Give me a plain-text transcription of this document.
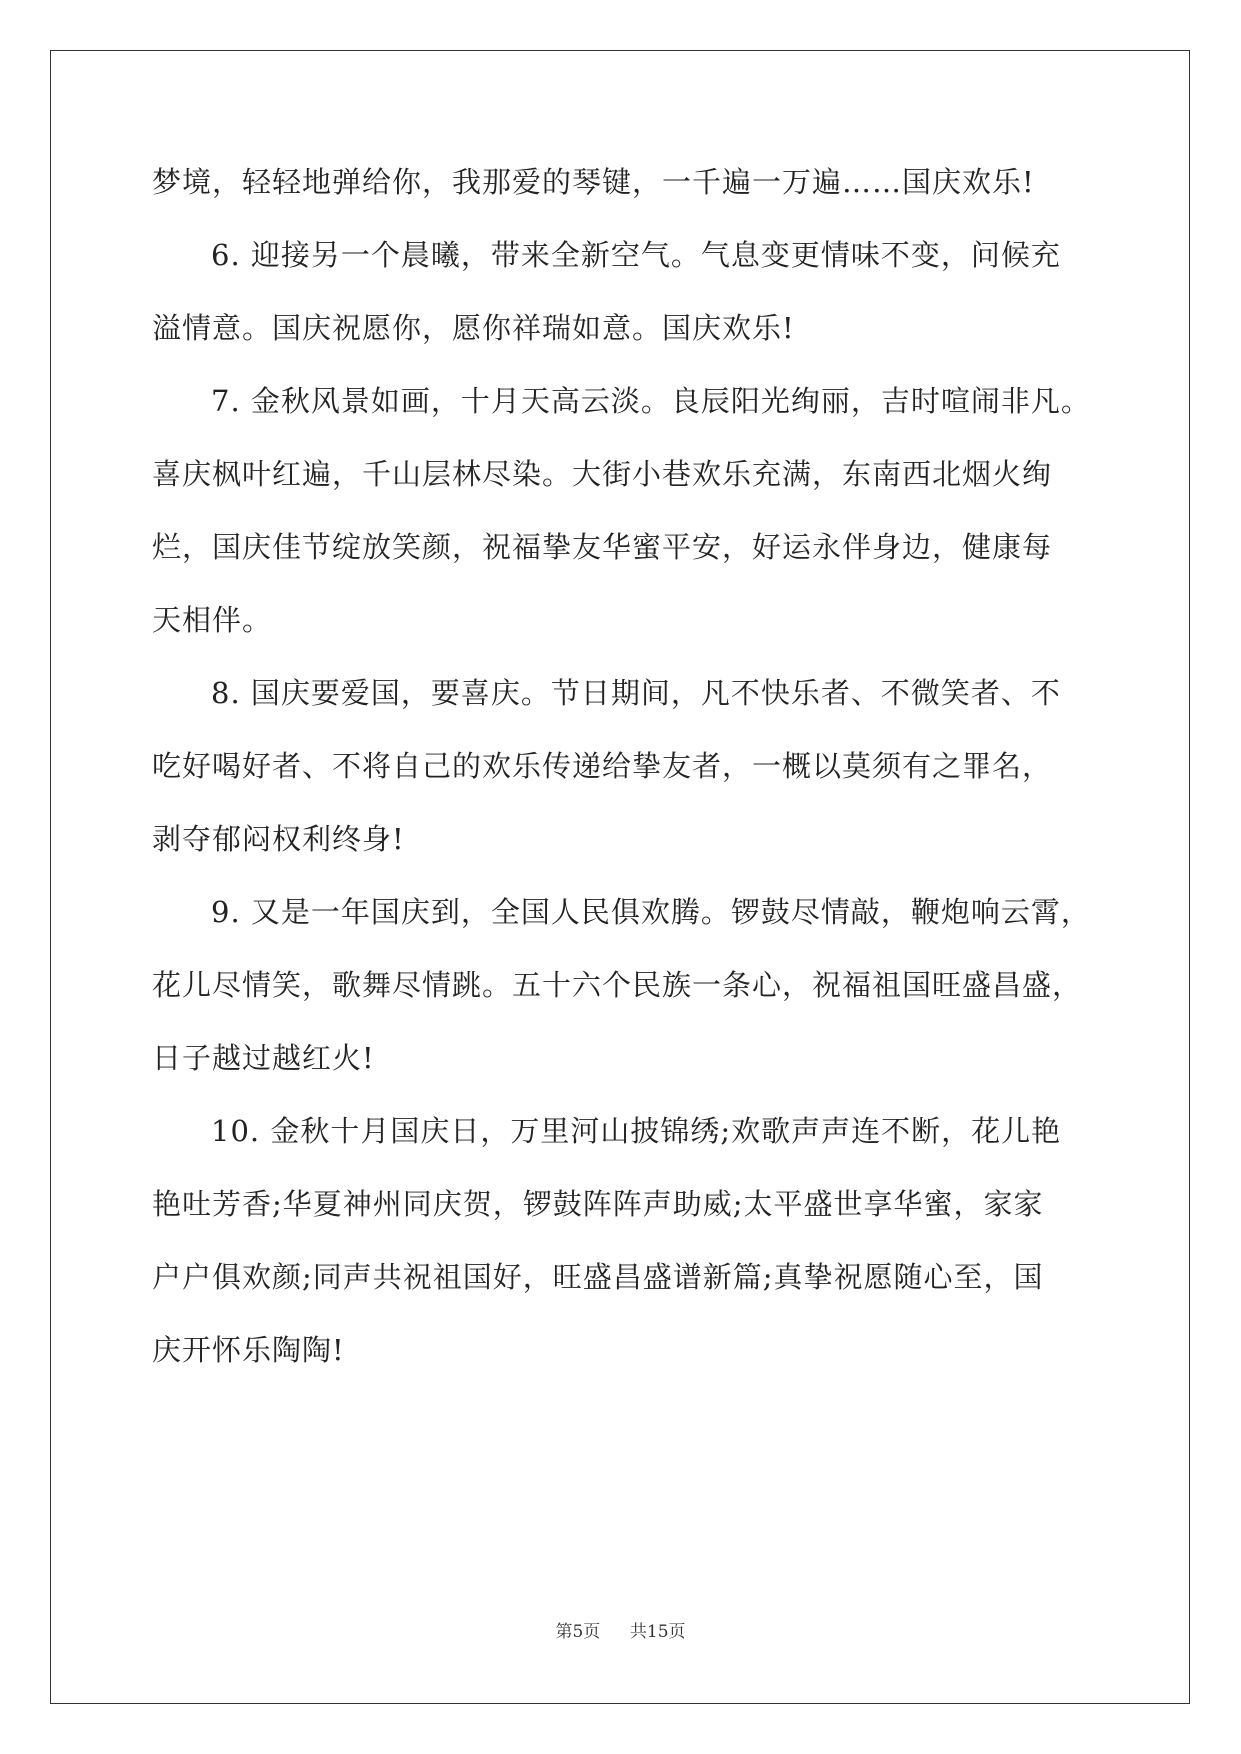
梦境，轻轻地弹给你，我那爱的琴键，一千遍一万遍……国庆欢乐!
6. 迎接另一个晨曦，带来全新空气。气息变更情味不变，问候充
溢情意。国庆祝愿你，愿你祥瑞如意。国庆欢乐!
7. 金秋风景如画，十月天高云淡。良辰阳光绚丽，吉时喧闹非凡。
喜庆枫叶红遍，千山层林尽染。大街小巷欢乐充满，东南西北烟火绚
烂，国庆佳节绽放笑颜，祝福挚友华蜜平安，好运永伴身边，健康每
天相伴。
8. 国庆要爱国，要喜庆。节日期间，凡不快乐者、不微笑者、不
吃好喝好者、不将自己的欢乐传递给挚友者，一概以莫须有之罪名，
剥夺郁闷权利终身!
9. 又是一年国庆到，全国人民俱欢腾。锣鼓尽情敲，鞭炮响云霄，
花儿尽情笑，歌舞尽情跳。五十六个民族一条心，祝福祖国旺盛昌盛，
日子越过越红火!
10. 金秋十月国庆日，万里河山披锦绣;欢歌声声连不断，花儿艳
艳吐芳香;华夏神州同庆贺，锣鼓阵阵声助威;太平盛世享华蜜，家家
户户俱欢颜;同声共祝祖国好，旺盛昌盛谱新篇;真挚祝愿随心至，国
庆开怀乐陶陶!
第5页 共15页
